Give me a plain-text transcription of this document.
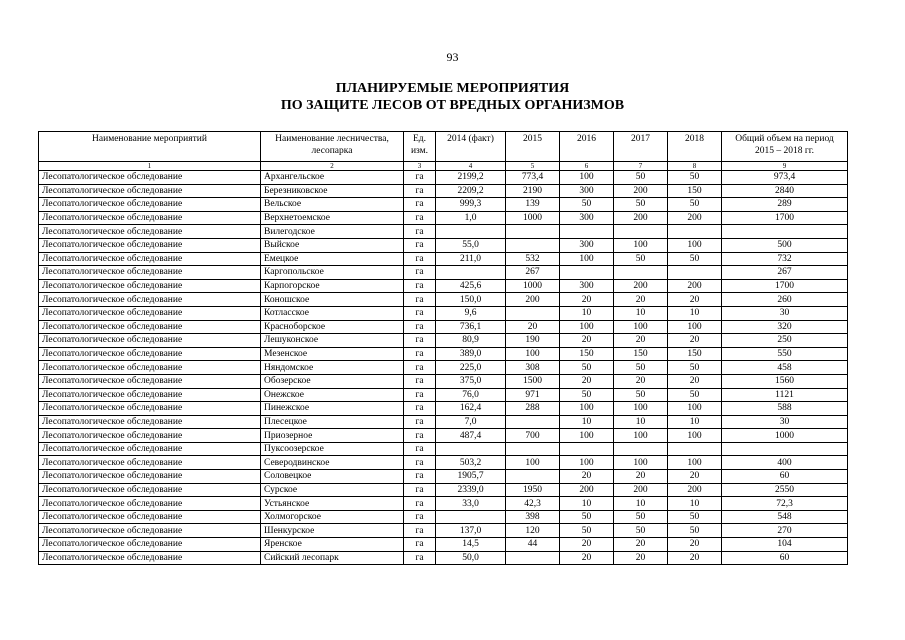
93
ПЛАНИРУЕМЫЕ МЕРОПРИЯТИЯ
ПО ЗАЩИТЕ ЛЕСОВ ОТ ВРЕДНЫХ ОРГАНИЗМОВ
Наименование мероприятий	Наименование лесничества, лесопарка	Ед. изм.	2014 (факт)	2015	2016	2017	2018	Общий объем на период 2015 – 2018 гг.
1	2	3	4	5	6	7	8	9
Лесопатологическое обследование	Архангельское	га	2199,2	773,4	100	50	50	973,4
Лесопатологическое обследование	Березниковское	га	2209,2	2190	300	200	150	2840
Лесопатологическое обследование	Вельское	га	999,3	139	50	50	50	289
Лесопатологическое обследование	Верхнетоемское	га	1,0	1000	300	200	200	1700
Лесопатологическое обследование	Вилегодское	га						
Лесопатологическое обследование	Выйское	га	55,0		300	100	100	500
Лесопатологическое обследование	Емецкое	га	211,0	532	100	50	50	732
Лесопатологическое обследование	Каргопольское	га		267				267
Лесопатологическое обследование	Карпогорское	га	425,6	1000	300	200	200	1700
Лесопатологическое обследование	Коношское	га	150,0	200	20	20	20	260
Лесопатологическое обследование	Котласское	га	9,6		10	10	10	30
Лесопатологическое обследование	Красноборское	га	736,1	20	100	100	100	320
Лесопатологическое обследование	Лешуконское	га	80,9	190	20	20	20	250
Лесопатологическое обследование	Мезенское	га	389,0	100	150	150	150	550
Лесопатологическое обследование	Няндомское	га	225,0	308	50	50	50	458
Лесопатологическое обследование	Обозерское	га	375,0	1500	20	20	20	1560
Лесопатологическое обследование	Онежское	га	76,0	971	50	50	50	1121
Лесопатологическое обследование	Пинежское	га	162,4	288	100	100	100	588
Лесопатологическое обследование	Плесецкое	га	7,0		10	10	10	30
Лесопатологическое обследование	Приозерное	га	487,4	700	100	100	100	1000
Лесопатологическое обследование	Пуксоозерское	га						
Лесопатологическое обследование	Северодвинское	га	503,2	100	100	100	100	400
Лесопатологическое обследование	Соловецкое	га	1905,7		20	20	20	60
Лесопатологическое обследование	Сурское	га	2339,0	1950	200	200	200	2550
Лесопатологическое обследование	Устьянское	га	33,0	42,3	10	10	10	72,3
Лесопатологическое обследование	Холмогорское	га		398	50	50	50	548
Лесопатологическое обследование	Шенкурское	га	137,0	120	50	50	50	270
Лесопатологическое обследование	Яренское	га	14,5	44	20	20	20	104
Лесопатологическое обследование	Сийский лесопарк	га	50,0		20	20	20	60
